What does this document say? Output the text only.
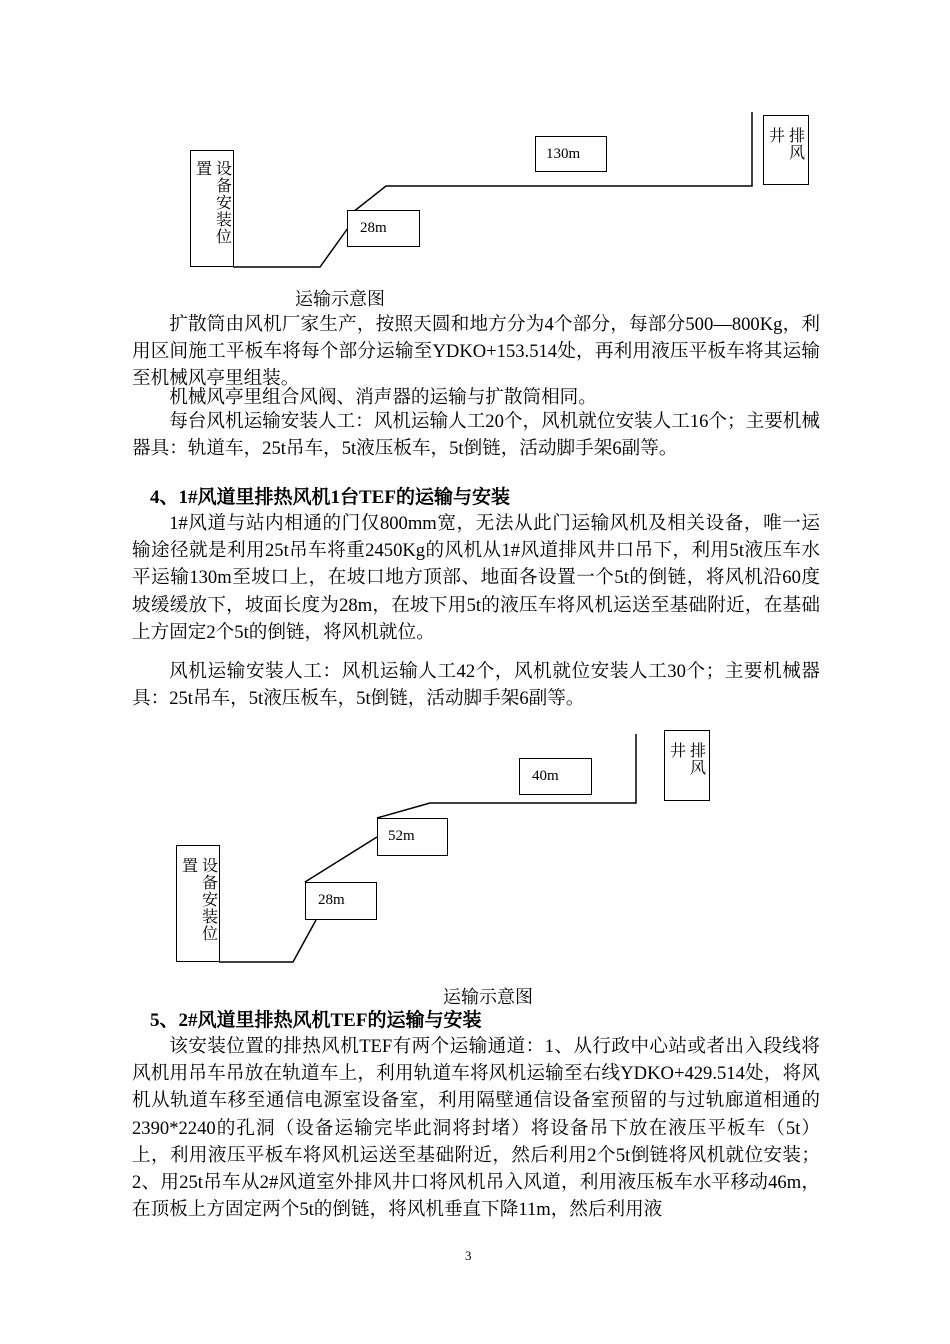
设备安装位
置
28m
130m
排风
井
运输示意图

扩散筒由风机厂家生产，按照天圆和地方分为4个部分，每部分500—800Kg，利用区间施工平板车将每个部分运输至YDKO+153.514处，再利用液压平板车将其运输至机械风亭里组装。

机械风亭里组合风阀、消声器的运输与扩散筒相同。

每台风机运输安装人工：风机运输人工20个，风机就位安装人工16个；主要机械器具：轨道车，25t吊车，5t液压板车，5t倒链，活动脚手架6副等。

4、1#风道里排热风机1台TEF的运输与安装

1#风道与站内相通的门仅800mm宽，无法从此门运输风机及相关设备，唯一运输途径就是利用25t吊车将重2450Kg的风机从1#风道排风井口吊下，利用5t液压车水平运输130m至坡口上，在坡口地方顶部、地面各设置一个5t的倒链，将风机沿60度坡缓缓放下，坡面长度为28m，在坡下用5t的液压车将风机运送至基础附近，在基础上方固定2个5t的倒链，将风机就位。

风机运输安装人工：风机运输人工42个，风机就位安装人工30个；主要机械器具：25t吊车，5t液压板车，5t倒链，活动脚手架6副等。

设备安装位
置
28m
52m
40m
排风
井
运输示意图
5、2#风道里排热风机TEF的运输与安装

该安装位置的排热风机TEF有两个运输通道：1、从行政中心站或者出入段线将风机用吊车吊放在轨道车上，利用轨道车将风机运输至右线YDKO+429.514处，将风机从轨道车移至通信电源室设备室，利用隔壁通信设备室预留的与过轨廊道相通的2390*2240的孔洞（设备运输完毕此洞将封堵）将设备吊下放在液压平板车（5t）上，利用液压平板车将风机运送至基础附近，然后利用2个5t倒链将风机就位安装；2、用25t吊车从2#风道室外排风井口将风机吊入风道，利用液压板车水平移动46m，在顶板上方固定两个5t的倒链，将风机垂直下降11m，然后利用液

3
